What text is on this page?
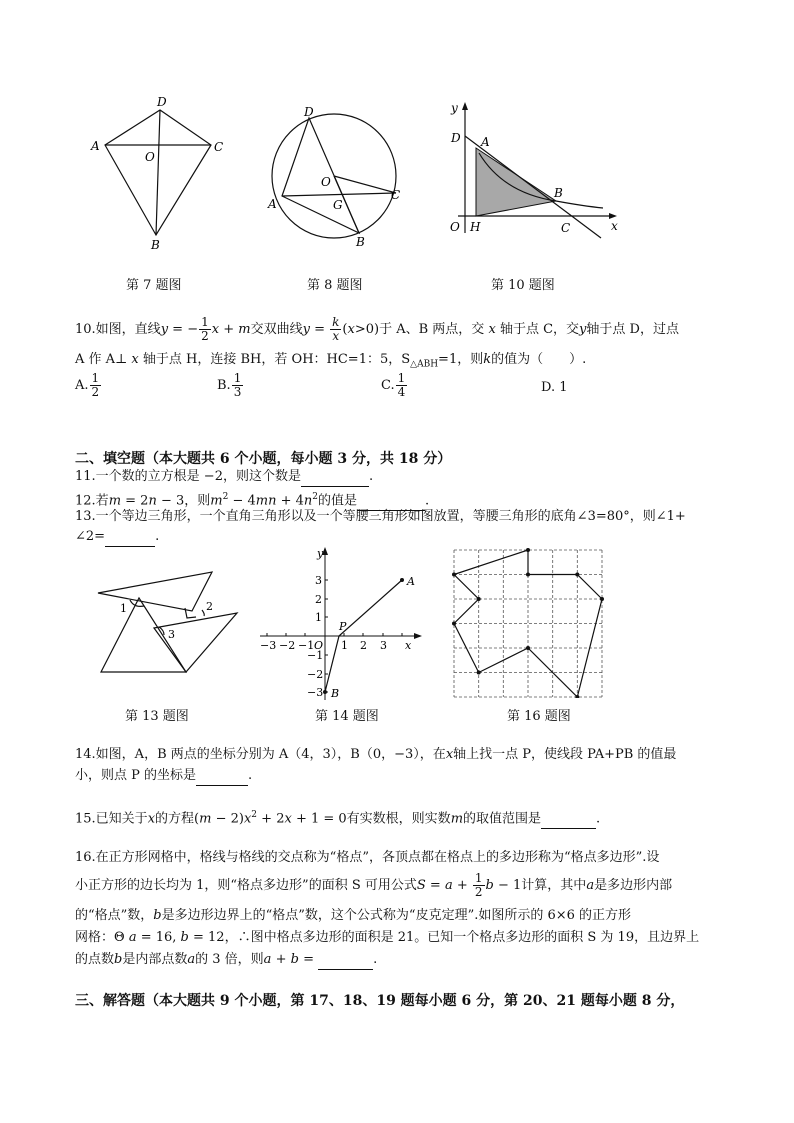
D
A	C
O
B
第 7 题图
D
A
O
G
C
B
第 8 题图
y
x
D A
B
O H	C
第 10 题图
10.如图，直线y = − $\frac{1}{2}$ x + m交双曲线$y = \frac{k}{x} (x>0)$于 A、B 两点，交 x 轴于点 C，交y轴于点 D，过点
A 作 A⊥ x 轴于点 H，连接 BH，若 OH：HC=1：5，$S_{\triangle ABH}=1$，则k的值为（　　）.
A. $\frac{1}{2}$	B. $\frac{1}{3}$	C. $\frac{1}{4}$	D. 1
二、填空题（本大题共 6 个小题，每小题 3 分，共 18 分）
11.一个数的立方根是 −2，则这个数是	.
12.若m = 2n − 3，则$m^2 - 4mn + 4n^2$的值是	.
13.一个等边三角形，一个直角三角形以及一个等腰三角形如图放置，等腰三角形的底角∠3=80°，则∠1+
∠2=	.
1	2
3
第 13 题图
y
x
A
B
P
O
−3 −2 −1 1 2 3
3
2
1
−1
−2
−3
第 14 题图	第 16 题图
14.如图，A，B 两点的坐标分别为 A（4，3），B（0，−3），在x轴上找一点 P，使线段 PA+PB 的值最
小，则点 P 的坐标是	.
15.已知关于x的方程$(m - 2)x^2 + 2x + 1 = 0$有实数根，则实数m的取值范围是	.
16.在正方形网格中，格线与格线的交点称为“格点”，各顶点都在格点上的多边形称为“格点多边形”.设
小正方形的边长均为 1，则“格点多边形”的面积 S 可用公式$S = a + \frac{1}{2}$ b − 1计算，其中a是多边形内部
的“格点”数，b是多边形边界上的“格点”数，这个公式称为“皮克定理”.如图所示的 6×6 的正方形
网格：Θ a = 16, b = 12，∴图中格点多边形的面积是 21。已知一个格点多边形的面积 S 为 19，且边界上
的点数b是内部点数a的 3 倍，则a + b =	.
三、解答题（本大题共 9 个小题，第 17、18、19 题每小题 6 分，第 20、21 题每小题 8 分，
